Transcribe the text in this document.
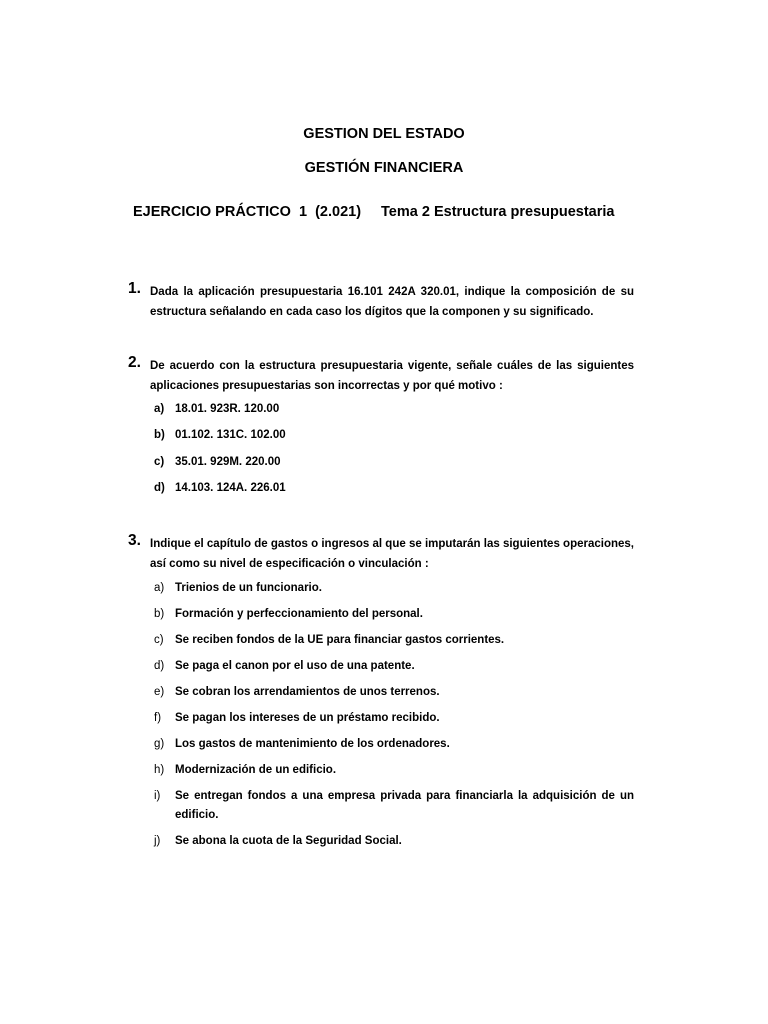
GESTION DEL ESTADO
GESTIÓN FINANCIERA
EJERCICIO PRÁCTICO  1  (2.021) Tema 2 Estructura presupuestaria
1. Dada la aplicación presupuestaria 16.101 242A 320.01, indique la composición de su estructura señalando en cada caso los dígitos que la componen y su significado.
2. De acuerdo con la estructura presupuestaria vigente, señale cuáles de las siguientes aplicaciones presupuestarias son incorrectas y por qué motivo :
a) 18.01. 923R. 120.00
b) 01.102. 131C. 102.00
c) 35.01. 929M. 220.00
d) 14.103. 124A. 226.01
3. Indique el capítulo de gastos o ingresos al que se imputarán las siguientes operaciones, así como su nivel de especificación o vinculación :
a) Trienios de un funcionario.
b) Formación y perfeccionamiento del personal.
c) Se reciben fondos de la UE para financiar gastos corrientes.
d) Se paga el canon por el uso de una patente.
e) Se cobran los arrendamientos de unos terrenos.
f) Se pagan los intereses de un préstamo recibido.
g) Los gastos de mantenimiento de los ordenadores.
h) Modernización de un edificio.
i) Se entregan fondos a una empresa privada para financiarla la adquisición de un edificio.
j) Se abona la cuota de la Seguridad Social.
